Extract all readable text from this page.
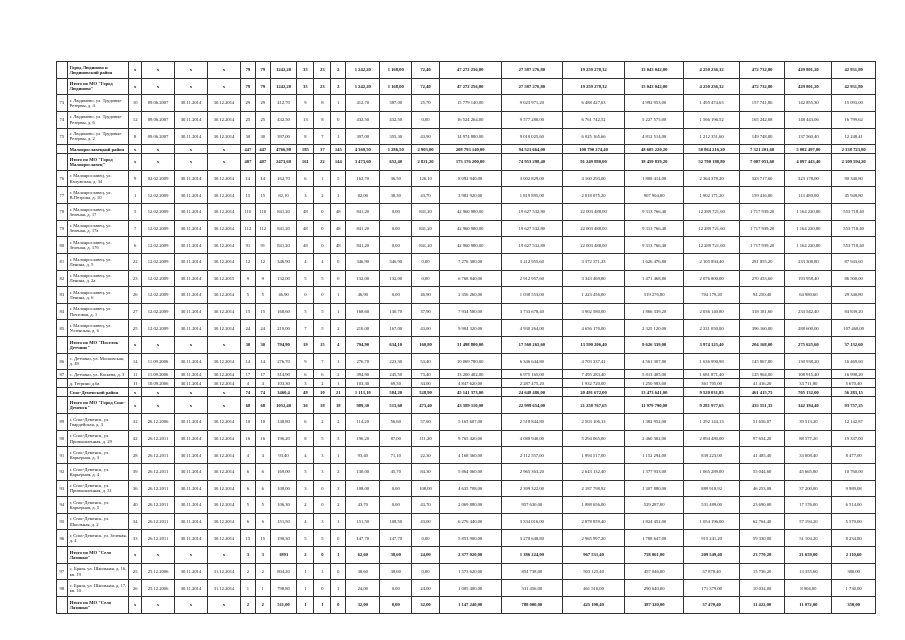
	Город Людиново и Людиновский район	х	х	х	х	79	79	1242,20	35	23	2	1 242,20	1 168,00	72,40	47 272 256,00	27 587 276,80	19 259 278,32	15 043 042,00	4 250 236,32	472 732,00	429 801,20	42 931,80
	Итого по МО "Город Людиново"	х	х	х	х	79	79	1242,20	35	23	2	1 242,20	1 168,00	72,40	47 272 256,00	27 587 276,80	19 259 278,32	15 043 042,00	4 250 236,32	472 732,00	429 801,20	42 931,80
73	г. Людиново, ул. Трудовые Резервы, д. 4	10	09.06.2007	30.11.2014	30.12.2014	29	29	412,70	9	8	1	412,70	387,00	25,70	15 779 140,00	9 023 971,20	6 488 427,63	4 992 953,00	1 495 474,63	157 741,86	142 855,30	15 093,00
74	г. Людиново, ул. Трудовые Резервы, д. 6	12	09.06.2007	30.11.2014	30.12.2014	25	25	432,50	13	8	0	432,50	432,50	0,00	16 524 264,00	9 577 280,00	6 761 742,52	5 227 575,00	1 566 196,52	165 242,68	148 443,06	16 799,62
75	г. Людиново, ул. Трудовые Резервы, д. 2	8	09.06.2007	30.11.2014	30.12.2014	30	30	397,00	8	7	1	397,00	355,30	43,90	14 974 880,00	9 010 025,60	6 025 165,66	4 812 514,00	1 212 351,60	149 748,80	137 560,40	12 248,41
	Малоярославецкий район	х	х	х	х	447	447	4766,90	185	37	145	4 369,50	1 286,50	2 903,00	208 793 140,00	94 521 664,00	100 790 274,40	48 605 220,20	50 864 216,20	7 321 201,60	5 002 497,00	2 338 723,80
	Итого по МО "Город Малоярославец"	х	х	х	х	407	407	2473,60	161	22	144	3 473,60	652,40	2 821,20	173 176 200,00	74 953 298,40	91 249 880,00	38 459 839,20	52 790 188,80	7 007 053,60	4 097 443,40	2 109 594,20
76	г. Малоярославец, ул. Калужская, д. 34	9	02.02.2009	30.11.2014	30.12.2014	14	14	162,70	6	1	5	162,70	36,50	126,10	8 092 940,00	3 002 829,00	4 160 293,00	1 808 414,00	2 364 378,20	323 717,60	323 178,00	90 340,80
77	г. Малоярославец, ул. В.Петрова, д. 10	1	12.02.2009	30.11.2014	30.12.2014	15	15	82,10	3	2	1	82,00	38,30	43,70	3 982 920,00	1 819 895,00	2 018 075,20	907 904,00	1 902 171,20	159 416,80	113 480,00	45 949,80
78	г. Малоярославец, ул. Зеленая, д. 17	5	12.02.2009	30.11.2014	30.12.2014	110	110	841,20	48	0	48	841,20	0,00	841,20	42 960 980,00	19 627 532,80	22 003 488,00	9 313 766,40	12 289 721,60	1 717 939,20	1 164 220,80	553 718,40
79	г. Малоярославец, ул. Зеленая, д. 17а	7	12.02.2009	30.11.2014	30.12.2014	112	112	841,20	48	0	48	841,20	0,00	841,20	42 960 980,00	19 627 532,80	22 003 488,00	9 313 766,40	12 289 721,60	1 717 939,20	1 164 220,80	553 718,40
80	г. Малоярославец, ул. Зеленая, д. 17б	6	12.02.2009	30.11.2014	30.12.2014	91	91	841,20	48	0	48	841,20	0,00	841,20	42 960 980,00	19 627 532,80	22 003 488,00	9 313 766,40	12 289 721,60	1 717 939,20	1 164 220,80	553 718,40
81	г. Малоярославец, ул. Ленина, д. 5	22	12.02.2009	30.11.2014	30.12.2014	12	12	346,90	4	4	0	346,90	346,90	0,00	7 276 380,00	3 212 955,60	3 372 371,23	1 626 476,80	2 105 894,40	281 855,20	233 308,80	87 943,60
82	г. Малоярославец, ул. Ленина, д. 2а	23	12.02.2009	30.11.2014	30.12.2015	9	9	132,00	5	5	0	132,00	132,00	0,00	6 768 840,00	2 912 957,60	3 343 469,80	1 471 468,80	2 076 800,00	270 453,60	193 958,40	86 500,00
83	г. Малоярославец, ул. Ленина, д. 6	26	12.02.2009	30.11.2014	30.12.2014	5	5	46,90	0	0	1	46,90	0,00	46,90	2 356 260,00	1 038 553,00	1 223 456,00	519 276,80	704 179,20	94 250,40	64 980,60	29 340,80
84	г. Малоярославец, ул. Почтовая, д. 1	27	12.02.2009	30.11.2014	30.12.2014	15	15	168,60	5	5	1	168,60	130,70	37,90	7 934 580,00	3 733 678,40	3 902 580,00	1 866 339,20	2 036 140,80	318 181,60	233 542,40	84 839,20
85	г. Малоярославец, ул. Успенская, д. 6	25	12.02.2009	30.11.2014	30.12.2014	24	24	210,00	7	5	2	210,00	167,00	43,00	9 904 320,00	4 930 264,00	4 656 170,00	2 325 120,00	2 331 050,00	396 160,00	288 600,00	107 460,00
	Итого по МО "Поселок Детчино"	х	х	х	х	30	30	794,90	19	15	4	794,90	634,10	160,80	31 498 800,00	17 560 265,60	13 590 206,40	9 626 339,00	3 974 125,40	204 168,00	275 625,60	37 132,60
86	с. Детчино, ул. Московская, д. 49	14	11.09.2006	30.11.2014	30.12.2014	14	14	276,70	9	7	1	276,70	223,30	53,40	10 069 780,00	6 346 644,80	4 703 337,41	4 561 307,80	1 636 990,98	145 867,80	130 938,20	16 469,60
87	с. Детчино, ул. Каскева, д. 3	11	11.09.2006	30.11.2014	30.12.2014	17	17	314,90	6	6	2	394,90	245,50	73,40	13 200 402,00	6 975 165,00	7 495 283,40	5 813 405,00	1 681 871,40	125 964,00	108 915,40	16 998,20
	д. Тетрино д.6а	11	10.09.2006	30.11.2014	30.12.2014	4	4	103,30	3	2	1	103,30	69,30	34,00	4 847 620,00	2 287 475,20	1 932 720,00	1 250 983,00	361 705,00	41 416,20	33 711,80	5 670,40
	Спас-Деменский район	х	х	х	х	74	74	3460,4	48	10	21	1 113,10	584,20	528,90	45 141 373,00	24 648 486,00	20 491 672,00	13 473 641,00	9 520 031,85	461 415,75	705 132,00	56 283,15
	Итого по МО "Город Спас-Деменск"	х	х	х	х	68	68	1052,40	36	18	18	989,30	515,60	473,40	43 589 110,00	22 999 654,00	21 258 767,65	11 979 790,00	9 281 977,65	435 551,35	342 194,40	93 757,25
89	г. Спас-Деменск, ул. Гвардейская, д. 3	32	26.12.2006	30.11.2014	30.12.2014	10	10	148,80	6	2	2	114,20	56,60	57,60	5 165 607,00	2 518 844,80	2 503 106,13	1 382 952,00	1 292 144,13	51 656,07	39 513,20	12 142,87
90	г. Спас-Деменск, ул. Промышленная, д. 29	42	26.12.2011	30.11.2014	30.12.2014	16	16	196,20	8	5	3	196,20	87,00	111,20	9 765 420,00	4 088 940,00	5 294 065,00	2 460 382,00	2 894 480,00	97 654,20	88 577,20	19 337,00
91	г. Спас-Деменск, ул. Карьерная, д. 3	28	26.12.2011	30.11.2014	30.12.2014	4	4	93,40	4	3	1	93,40	71,10	22,30	4 168 360,00	2 112 557,00	1 994 517,00	1 152 294,00	839 223,00	41 485,40	33 008,40	8 477,00
92	г. Спас-Деменск, ул. Карьерная, д. 4	39	26.12.2011	30.11.2014	30.12.2014	6	6	169,00	5	3	2	130,00	45,70	84,30	5 864 060,00	2 965 363,20	2 643 132,40	1 377 933,00	1 065 289,00	55 044,60	45 665,80	10 760,00
93	г. Спас-Деменск, ул. Промышленная, д. 31	36	26.12.2011	30.11.2014	30.12.2014	6	6	108,00	3	0	3	108,00	0,00	108,00	4 635 708,00	2 399 322,00	2 187 798,92	1 307 880,00	889 918,92	46 253,08	37 200,00	9 989,08
94	г. Спас-Деменск, ул. Карьерная, д. 5	40	26.12.2011	30.11.2014	30.12.2014	5	5	106,30	2	0	2	43,70	0,00	43,70	2 069 880,00	957 630,00	1 088 656,00	529 287,00	531 489,00	23 690,00	17 176,00	6 514,00
95	г. Спас-Деменск, ул. Школьная, д. 2	34	26.12.2011	30.11.2014	30.12.2014	6	6	151,50	4	3	1	151,50	108,50	43,00	6 276 440,00	3 334 016,00	2 878 859,40	1 824 452,00	1 054 196,00	62 764,40	57 194,20	5 570,00
96	г. Спас-Деменск, ул. Зеленая, д. 4	33	26.12.2011	30.11.2014	30.12.2014	15	15	190,30	5	5	0	147,70	147,70	0,00	5 853 900,00	3 270 648,80	2 965 997,20	1 788 647,00	915 241,20	59 330,00	51 104,20	8 234,80
	Итого по МО "Село Лазинки"	х	х	х	х	3	3	1893	2	0	1	62,60	38,60	24,00	2 377 020,00	1 386 224,00	967 531,40	758 061,00	209 549,40	23 770,20	21 659,00	2 110,60
97	с. Бряза, ул. Школьная, д. 16, кв. 19	25	25.12.2006	30.11.2014	31.12.2014	2	2	804,20	1	1	0	38,60	38,60	0,00	1 573 620,00	854 738,00	503 125,40	457 046,00	37 878,40	15 736,20	13 355,60	380,00
98	с. Бряза, ул. Школьная, д. 17, кв. 10	26	25.12.2006	30.11.2014	31.12.2014	1	1	798,80	1	0	1	24,00	0,00	24,00	1 005 400,00	531 456,00	461 510,00	290 640,00	171 379,00	10 034,00	8 904,00	1 730,00
	Итого по МО "Село Лазинки"	х	х	х	х	2	2	511,00	1	1	0	32,00	0,00	32,00	1 147 240,00	788 000,00	425 190,40	387 320,00	37 470,40	11 422,00	11 072,00	350,00
